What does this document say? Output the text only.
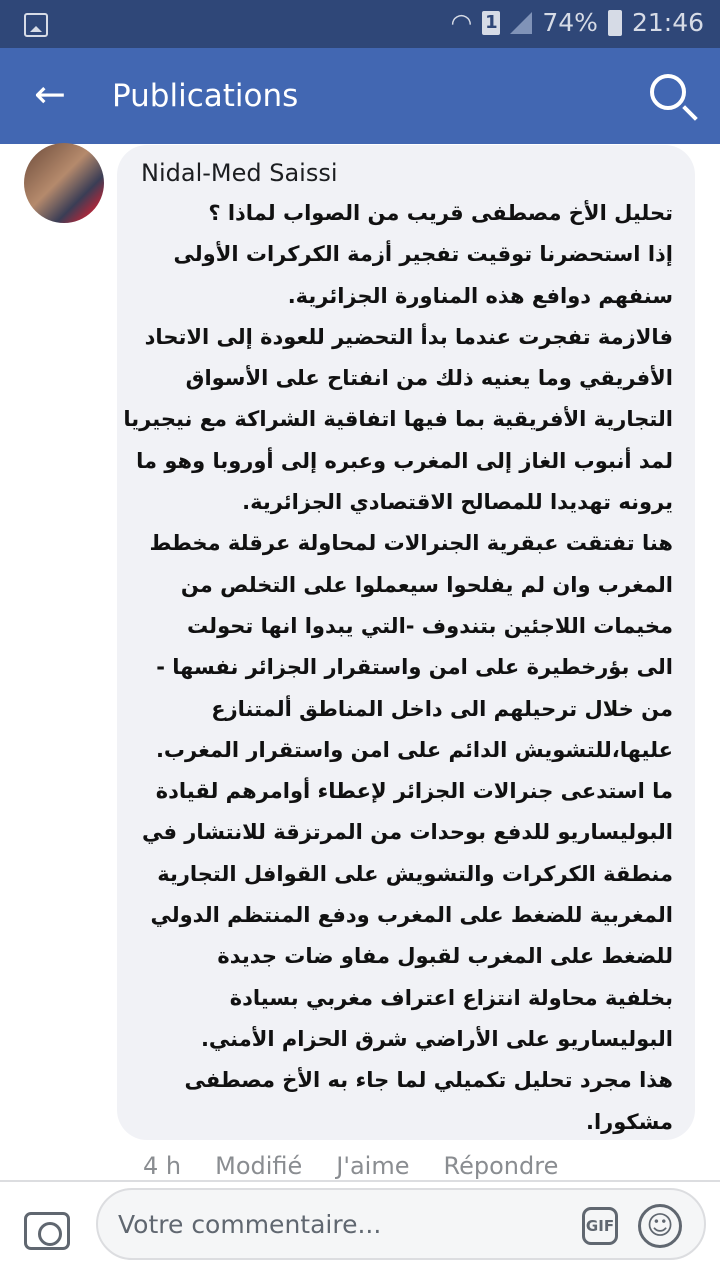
◠ 1 74% 21:46
← Publications
Nidal-Med Saissi
تحليل الأخ مصطفى قريب من الصواب لماذا ؟
إذا استحضرنا توقيت تفجير أزمة الكركرات الأولى
سنفهم دوافع هذه المناورة الجزائرية.
فالازمة تفجرت عندما بدأ التحضير للعودة إلى الاتحاد
الأفريقي وما يعنيه ذلك من انفتاح على الأسواق
التجارية الأفريقية بما فيها اتفاقية الشراكة مع نيجيريا
لمد أنبوب الغاز إلى المغرب وعبره إلى أوروبا وهو ما
يرونه تهديدا للمصالح الاقتصادي الجزائرية.
هنا تفتقت عبقرية الجنرالات لمحاولة عرقلة مخطط
المغرب وان لم يفلحوا سيعملوا على التخلص من
مخيمات اللاجئين بتندوف -التي يبدوا انها تحولت
الى بؤرخطيرة على امن واستقرار الجزائر نفسها -
من خلال ترحيلهم الى داخل المناطق ألمتنازع
عليها،للتشويش الدائم على امن واستقرار المغرب.
ما استدعى جنرالات الجزائر لإعطاء أوامرهم لقيادة
البوليساريو للدفع بوحدات من المرتزقة للانتشار في
منطقة الكركرات والتشويش على القوافل التجارية
المغربية للضغط على المغرب ودفع المنتظم الدولي
للضغط على المغرب لقبول مفاو ضات جديدة
بخلفية محاولة انتزاع اعتراف مغربي بسيادة
البوليساريو على الأراضي شرق الحزام الأمني.
هذا مجرد تحليل تكميلي لما جاء به الأخ مصطفى
مشكورا.
4 h Modifié J'aime Répondre
Votre commentaire...	GIF	☺
